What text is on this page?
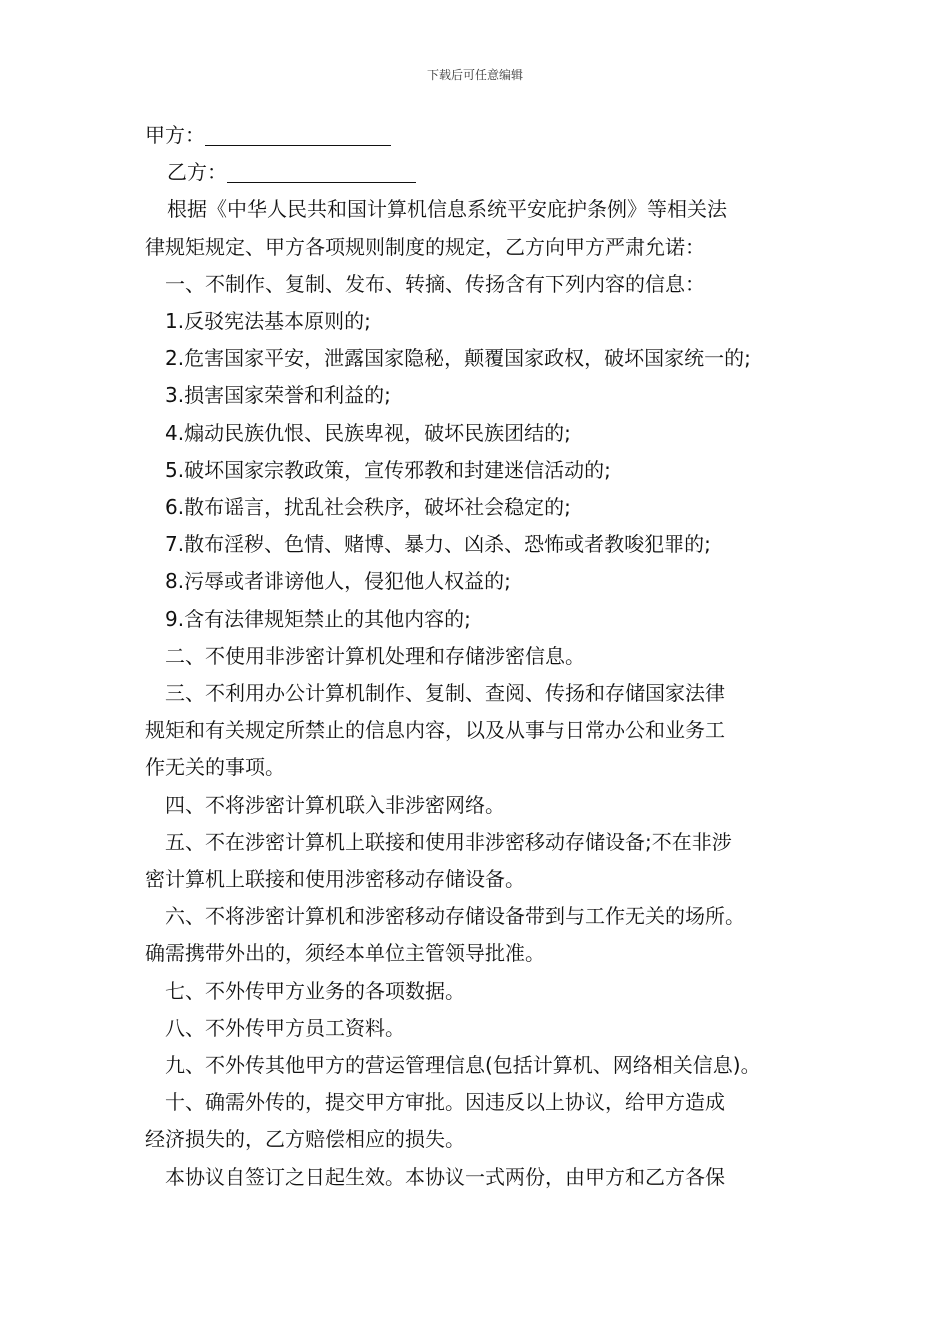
下载后可任意编辑

甲方：

乙方：

根据《中华人民共和国计算机信息系统平安庇护条例》等相关法

律规矩规定、甲方各项规则制度的规定，乙方向甲方严肃允诺：

一、不制作、复制、发布、转摘、传扬含有下列内容的信息：

1.反驳宪法基本原则的;

2.危害国家平安，泄露国家隐秘，颠覆国家政权，破坏国家统一的;

3.损害国家荣誉和利益的;

4.煽动民族仇恨、民族卑视，破坏民族团结的;

5.破坏国家宗教政策，宣传邪教和封建迷信活动的;

6.散布谣言，扰乱社会秩序，破坏社会稳定的;

7.散布淫秽、色情、赌博、暴力、凶杀、恐怖或者教唆犯罪的;

8.污辱或者诽谤他人，侵犯他人权益的;

9.含有法律规矩禁止的其他内容的;

二、不使用非涉密计算机处理和存储涉密信息。

三、不利用办公计算机制作、复制、查阅、传扬和存储国家法律

规矩和有关规定所禁止的信息内容，以及从事与日常办公和业务工

作无关的事项。

四、不将涉密计算机联入非涉密网络。

五、不在涉密计算机上联接和使用非涉密移动存储设备;不在非涉

密计算机上联接和使用涉密移动存储设备。

六、不将涉密计算机和涉密移动存储设备带到与工作无关的场所。

确需携带外出的，须经本单位主管领导批准。

七、不外传甲方业务的各项数据。

八、不外传甲方员工资料。

九、不外传其他甲方的营运管理信息(包括计算机、网络相关信息)。

十、确需外传的，提交甲方审批。因违反以上协议，给甲方造成

经济损失的，乙方赔偿相应的损失。

本协议自签订之日起生效。本协议一式两份，由甲方和乙方各保
